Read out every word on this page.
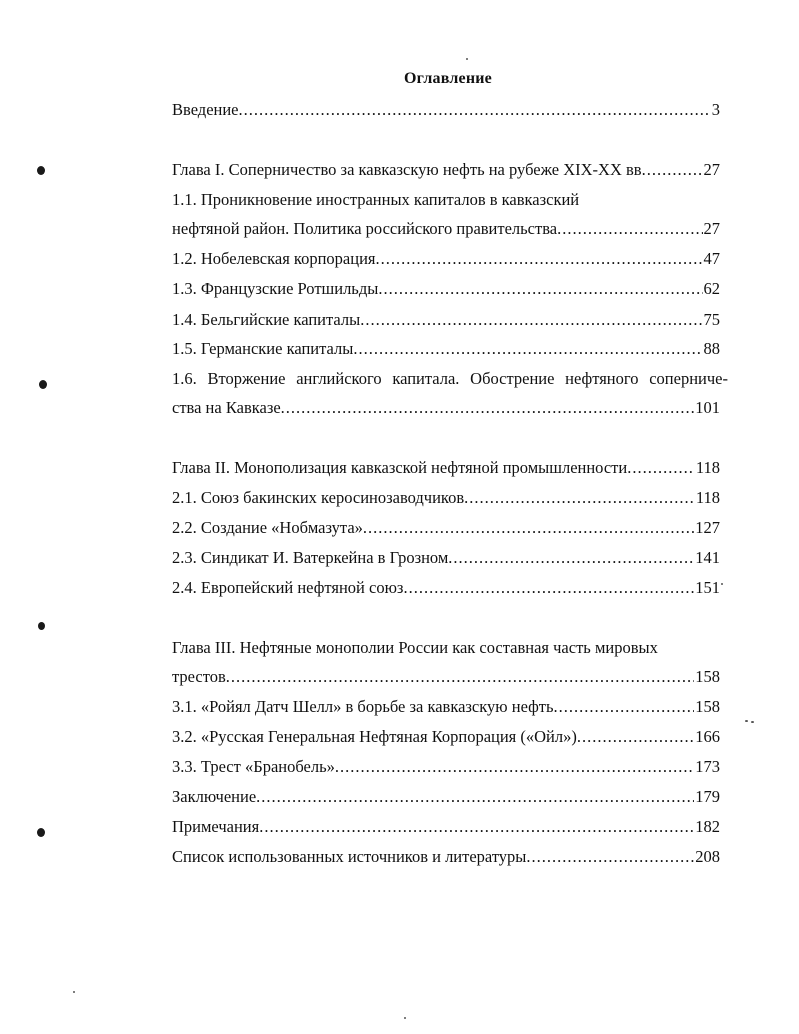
Оглавление
Введение .....	3
Глава I. Соперничество за кавказскую нефть на рубеже XIX-XX вв .....	27
1.1. Проникновение иностранных капиталов в кавказский
нефтяной район. Политика российского правительства .....	27
1.2. Нобелевская корпорация .....	47
1.3. Французские Ротшильды .....	62
1.4. Бельгийские капиталы .....	75
1.5. Германские капиталы .....	88
1.6. Вторжение английского капитала. Обострение нефтяного соперниче-
ства на Кавказе .....	101
Глава II. Монополизация кавказской нефтяной промышленности .....	118
2.1. Союз бакинских керосинозаводчиков .....	118
2.2. Создание «Нобмазута» .....	127
2.3. Синдикат И. Ватеркейна в Грозном .....	141
2.4. Европейский нефтяной союз .....	151
Глава III. Нефтяные монополии России как составная часть мировых
трестов .....	158
3.1. «Ройял Датч Шелл» в борьбе за кавказскую нефть .....	158
3.2. «Русская Генеральная Нефтяная Корпорация («Ойл») .....	166
3.3. Трест «Бранобель» .....	173
Заключение .....	179
Примечания .....	182
Список использованных источников и литературы .....	208
